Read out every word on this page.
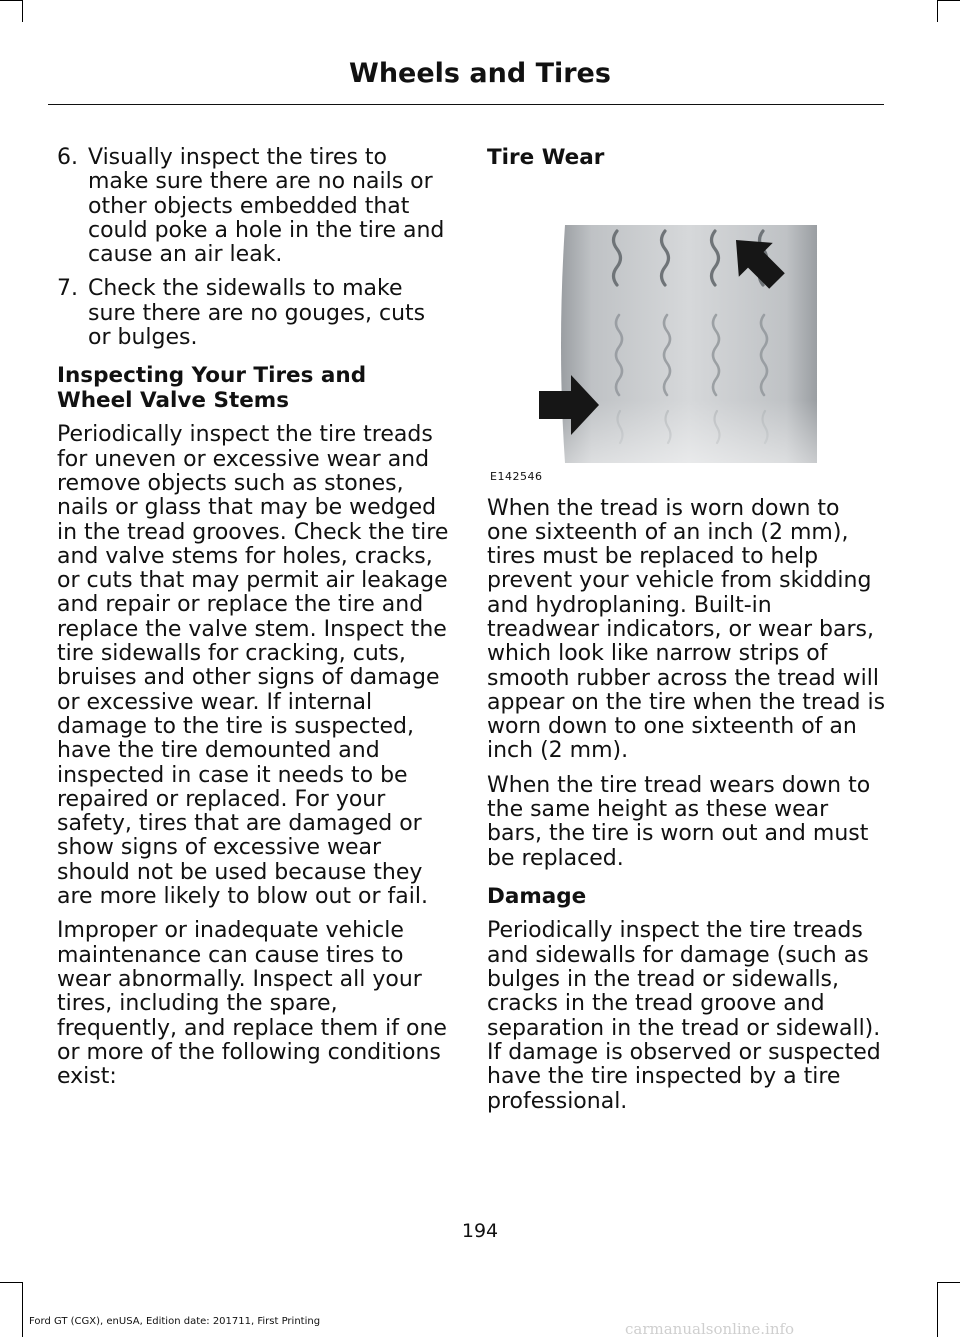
Wheels and Tires
6. Visually inspect the tires to make sure there are no nails or other objects embedded that could poke a hole in the tire and cause an air leak.
7. Check the sidewalls to make sure there are no gouges, cuts or bulges.
Inspecting Your Tires and Wheel Valve Stems

Periodically inspect the tire treads for uneven or excessive wear and remove objects such as stones, nails or glass that may be wedged in the tread grooves. Check the tire and valve stems for holes, cracks, or cuts that may permit air leakage and repair or replace the tire and replace the valve stem. Inspect the tire sidewalls for cracking, cuts, bruises and other signs of damage or excessive wear. If internal damage to the tire is suspected, have the tire demounted and inspected in case it needs to be repaired or replaced. For your safety, tires that are damaged or show signs of excessive wear should not be used because they are more likely to blow out or fail.

Improper or inadequate vehicle maintenance can cause tires to wear abnormally. Inspect all your tires, including the spare, frequently, and replace them if one or more of the following conditions exist:

Tire Wear
E142546

When the tread is worn down to one sixteenth of an inch (2 mm), tires must be replaced to help prevent your vehicle from skidding and hydroplaning. Built-in treadwear indicators, or wear bars, which look like narrow strips of smooth rubber across the tread will appear on the tire when the tread is worn down to one sixteenth of an inch (2 mm).

When the tire tread wears down to the same height as these wear bars, the tire is worn out and must be replaced.

Damage

Periodically inspect the tire treads and sidewalls for damage (such as bulges in the tread or sidewalls, cracks in the tread groove and separation in the tread or sidewall). If damage is observed or suspected have the tire inspected by a tire professional.

194
Ford GT (CGX), enUSA, Edition date: 201711, First Printing	carmanualsonline.info
